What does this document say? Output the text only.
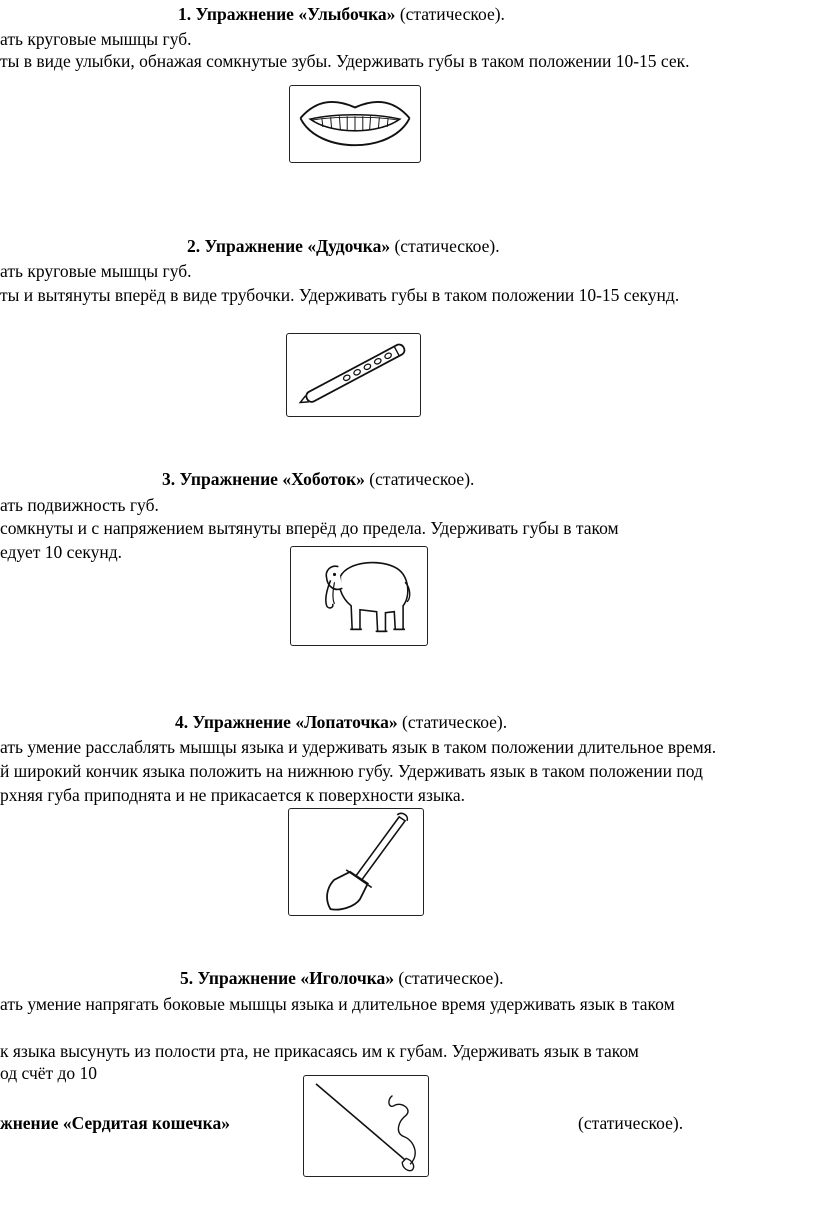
1. Упражнение «Улыбочка» (статическое).
ать круговые мышцы губ.
ты в виде улыбки, обнажая сомкнутые зубы. Удерживать губы в таком положении 10-15 сек.
2. Упражнение «Дудочка» (статическое).
ать круговые мышцы губ.
ты и вытянуты вперёд в виде трубочки. Удерживать губы в таком положении 10-15 секунд.
3. Упражнение «Хоботок» (статическое).
ать подвижность губ.
сомкнуты и с напряжением вытянуты вперёд до предела. Удерживать губы в таком
едует 10 секунд.
4. Упражнение «Лопаточка» (статическое).
ать умение расслаблять мышцы языка и удерживать язык в таком положении длительное время.
й широкий кончик языка положить на нижнюю губу. Удерживать язык в таком положении под
рхняя губа приподнята и не прикасается к поверхности языка.
5. Упражнение «Иголочка» (статическое).
ать умение напрягать боковые мышцы языка и длительное время удерживать язык в таком
к языка высунуть из полости рта, не прикасаясь им к губам. Удерживать язык в таком
од счёт до 10
жнение «Сердитая кошечка»	(статическое).
